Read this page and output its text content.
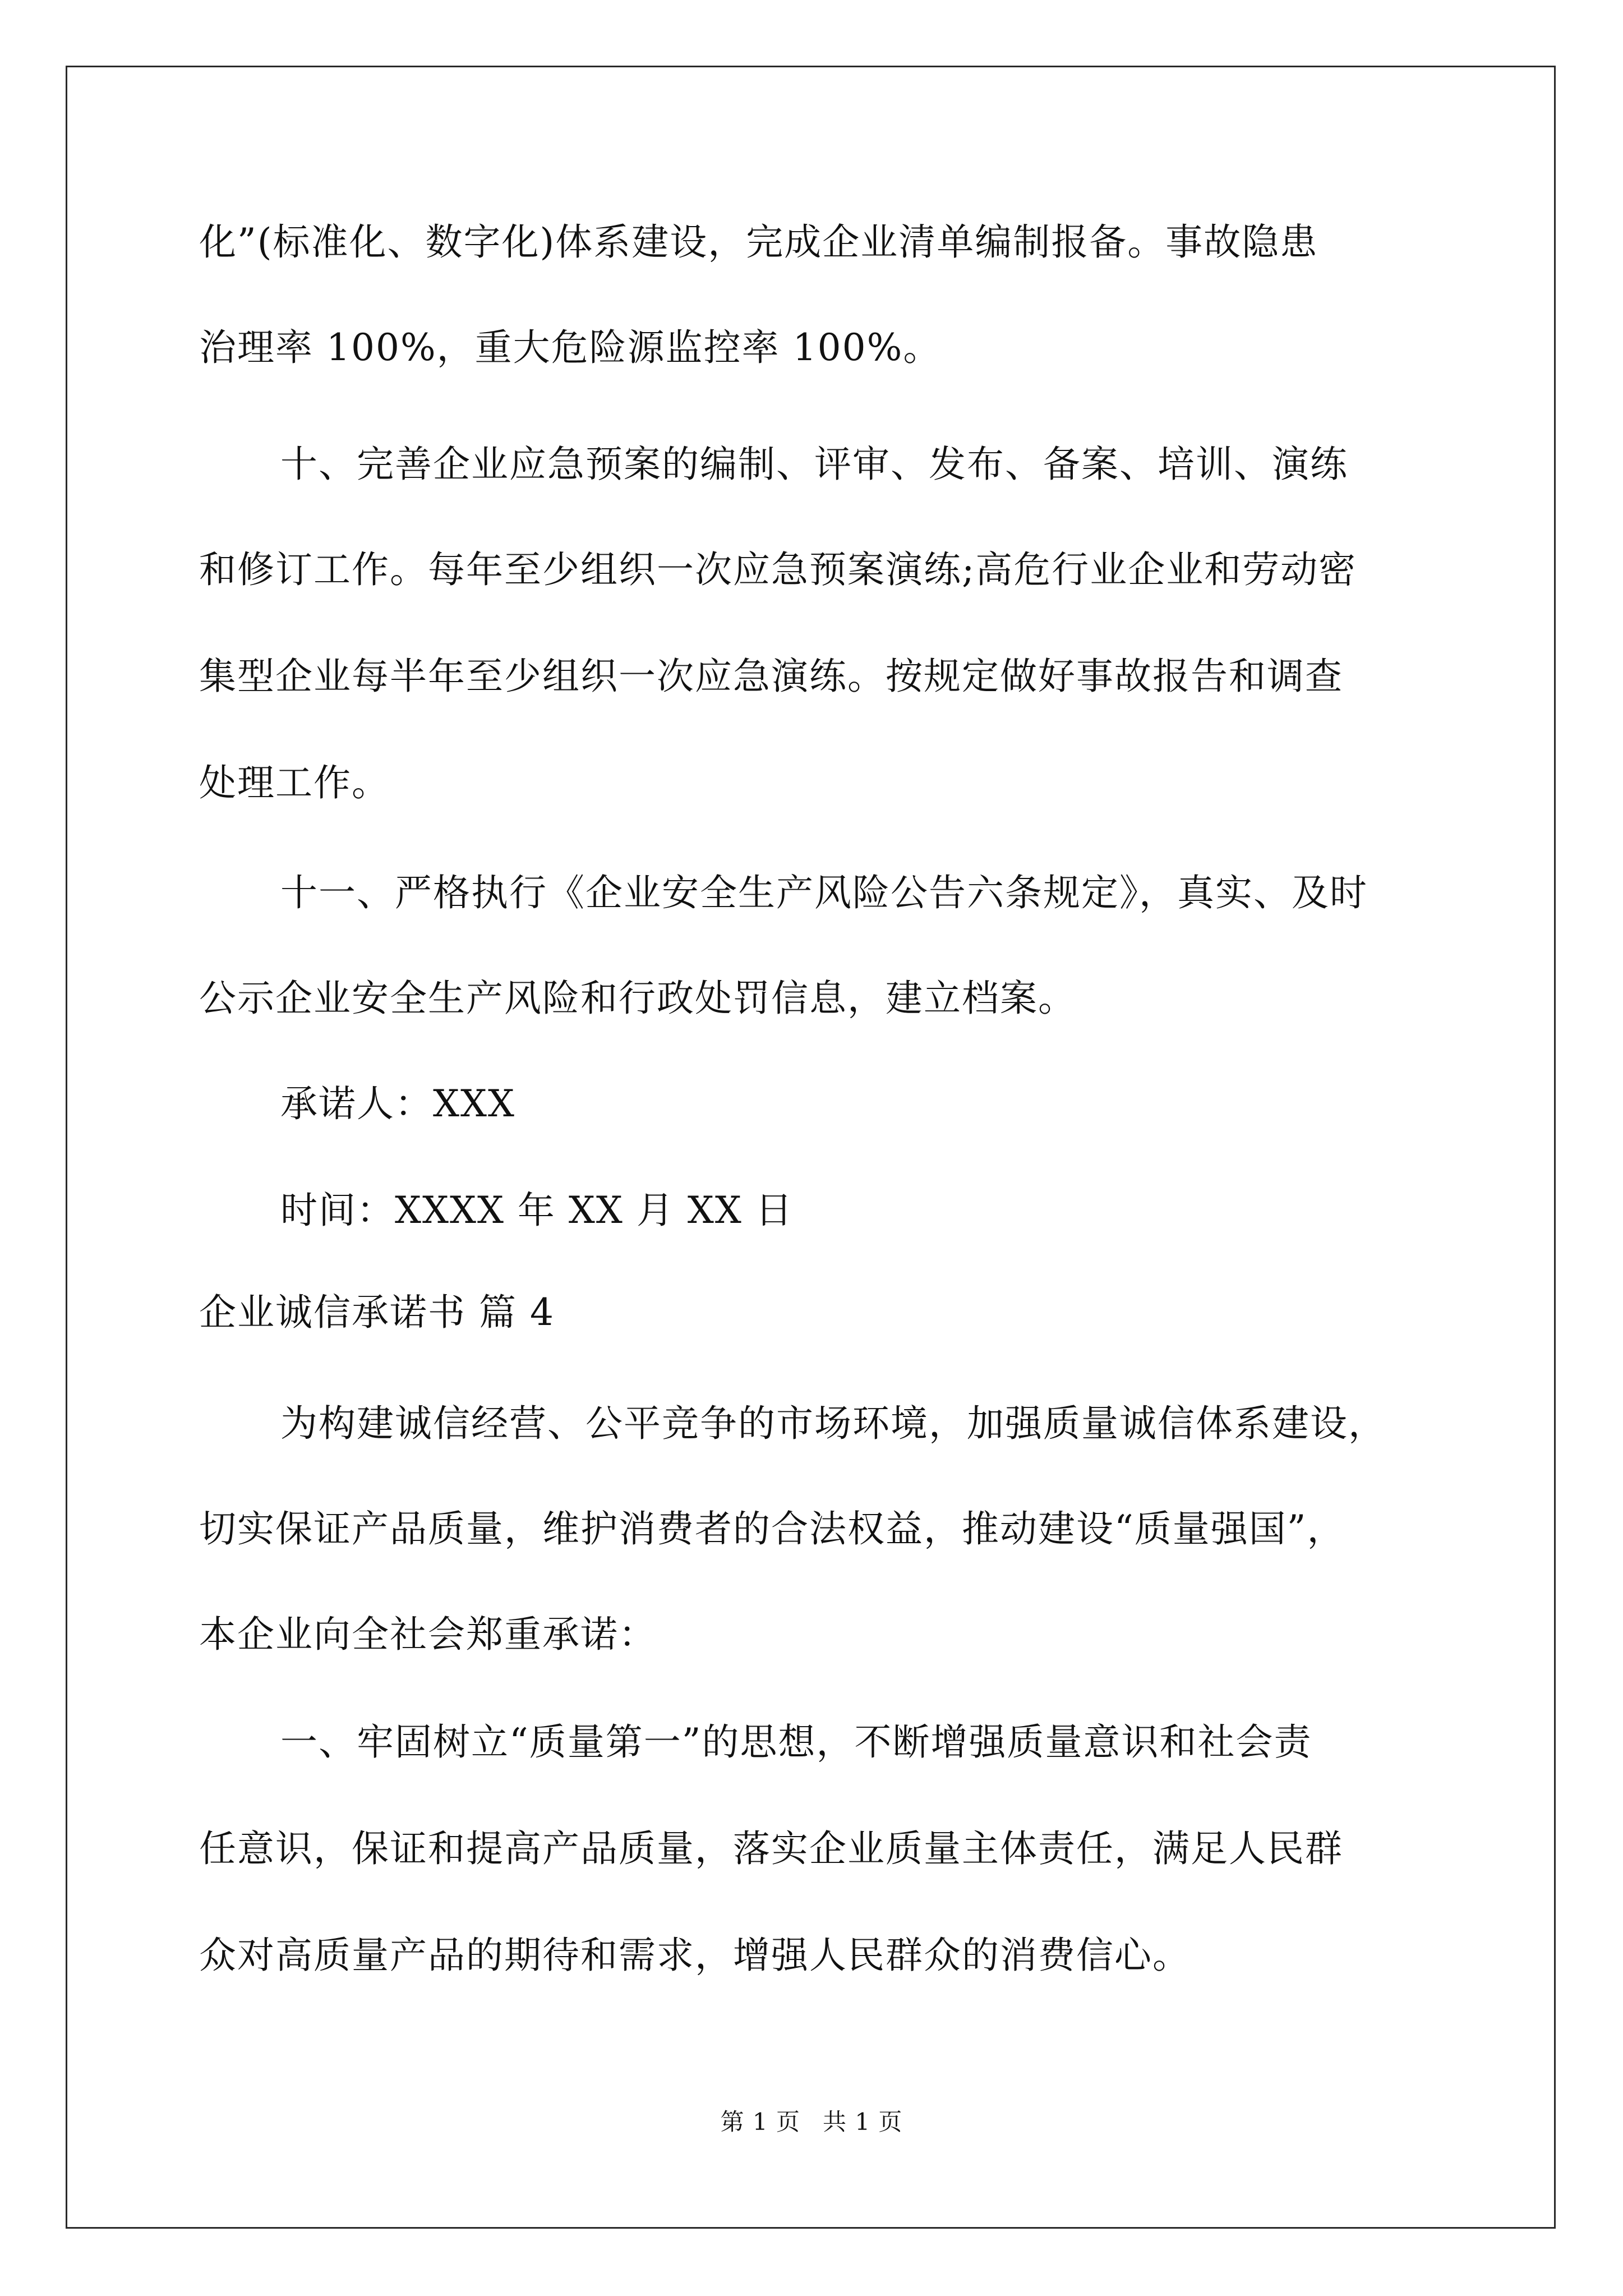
化”(标准化、数字化)体系建设，完成企业清单编制报备。事故隐患

治理率 100%，重大危险源监控率 100%。

十、完善企业应急预案的编制、评审、发布、备案、培训、演练

和修订工作。每年至少组织一次应急预案演练;高危行业企业和劳动密

集型企业每半年至少组织一次应急演练。按规定做好事故报告和调查

处理工作。

十一、严格执行《企业安全生产风险公告六条规定》，真实、及时

公示企业安全生产风险和行政处罚信息，建立档案。

承诺人：XXX

时间：XXXX 年 XX 月 XX 日

企业诚信承诺书 篇 4

为构建诚信经营、公平竞争的市场环境，加强质量诚信体系建设，

切实保证产品质量，维护消费者的合法权益，推动建设“质量强国”，

本企业向全社会郑重承诺：

一、牢固树立“质量第一”的思想，不断增强质量意识和社会责

任意识，保证和提高产品质量，落实企业质量主体责任，满足人民群

众对高质量产品的期待和需求，增强人民群众的消费信心。

第 1 页 共 1 页
